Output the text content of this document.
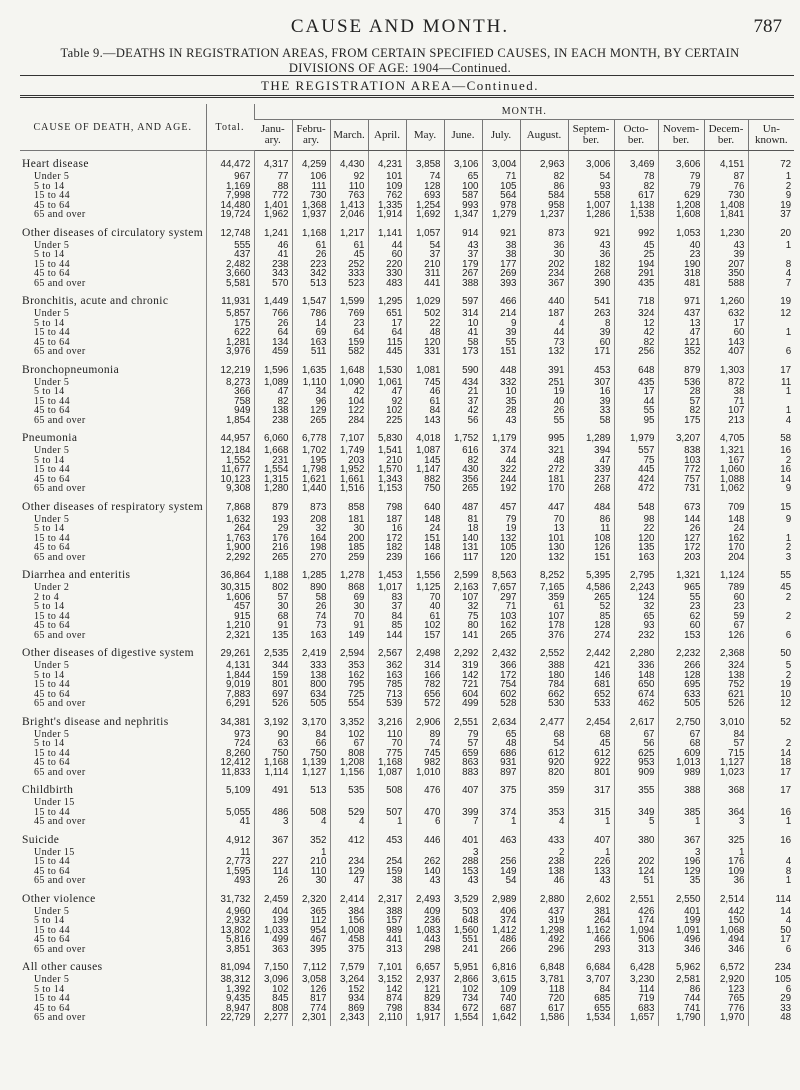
CAUSE AND MONTH.	787
Table 9.—DEATHS IN REGISTRATION AREAS, FROM CERTAIN SPECIFIED CAUSES, IN EACH MONTH, BY CERTAIN
DIVISIONS OF AGE: 1904—Continued.
THE REGISTRATION AREA—Continued.
CAUSE OF DEATH, AND AGE.	Total.	MONTH.												
		Janu-ary.	Febru-ary.	March.	April.	May.	June.	July.	August.	Septem-ber.	Octo-ber.	Novem-ber.	Decem-ber.	Un-known.
Heart disease	44,472	4,317	4,259	4,430	4,231	3,858	3,106	3,004	2,963	3,006	3,469	3,606	4,151	72
Under 5	967	77	106	92	101	74	65	71	82	54	78	79	87	1
5 to 14	1,169	88	111	110	109	128	100	105	86	93	82	79	76	2
15 to 44	7,998	772	730	763	762	693	587	564	584	558	617	629	730	9
45 to 64	14,480	1,401	1,368	1,413	1,335	1,254	993	978	958	1,007	1,138	1,208	1,408	19
65 and over	19,724	1,962	1,937	2,046	1,914	1,692	1,347	1,279	1,237	1,286	1,538	1,608	1,841	37
Other diseases of circulatory system	12,748	1,241	1,168	1,217	1,141	1,057	914	921	873	921	992	1,053	1,230	20
Under 5	555	46	61	61	44	54	43	38	36	43	45	40	43	1
5 to 14	437	41	26	45	60	37	37	38	30	36	25	23	39	
15 to 44	2,482	238	223	252	220	210	179	177	202	182	194	190	207	8
45 to 64	3,660	343	342	333	330	311	267	269	234	268	291	318	350	4
65 and over	5,581	570	513	523	483	441	388	393	367	390	435	481	588	7
Bronchitis, acute and chronic	11,931	1,449	1,547	1,599	1,295	1,029	597	466	440	541	718	971	1,260	19
Under 5	5,857	766	786	769	651	502	314	214	187	263	324	437	632	12
5 to 14	175	26	14	23	17	22	10	9	4	8	12	13	17	
15 to 44	622	64	69	64	64	48	41	39	44	39	42	47	60	1
45 to 64	1,281	134	163	159	115	120	58	55	73	60	82	121	143	
65 and over	3,976	459	511	582	445	331	173	151	132	171	256	352	407	6
Bronchopneumonia	12,219	1,596	1,635	1,648	1,530	1,081	590	448	391	453	648	879	1,303	17
Under 5	8,273	1,089	1,110	1,090	1,061	745	434	332	251	307	435	536	872	11
5 to 14	366	47	34	42	47	46	21	10	19	16	17	28	38	1
15 to 44	758	82	96	104	92	61	37	35	40	39	44	57	71	
45 to 64	949	138	129	122	102	84	42	28	26	33	55	82	107	1
65 and over	1,854	238	265	284	225	143	56	43	55	58	95	175	213	4
Pneumonia	44,957	6,060	6,778	7,107	5,830	4,018	1,752	1,179	995	1,289	1,979	3,207	4,705	58
Under 5	12,184	1,668	1,702	1,749	1,541	1,087	616	374	321	394	557	838	1,321	16
5 to 14	1,552	231	195	203	210	145	82	44	48	47	75	103	167	2
15 to 44	11,677	1,554	1,798	1,952	1,570	1,147	430	322	272	339	445	772	1,060	16
45 to 64	10,123	1,315	1,621	1,661	1,343	882	356	244	181	237	424	757	1,088	14
65 and over	9,308	1,280	1,440	1,516	1,153	750	265	192	170	268	472	731	1,062	9
Other diseases of respiratory system	7,868	879	873	858	798	640	487	457	447	484	548	673	709	15
Under 5	1,632	193	208	181	187	148	81	79	70	86	98	144	148	9
5 to 14	264	29	32	30	16	24	18	19	13	11	22	26	24	
15 to 44	1,763	176	164	200	172	151	140	132	101	108	120	127	162	1
45 to 64	1,900	216	198	185	182	148	131	105	130	126	135	172	170	2
65 and over	2,292	265	270	259	239	166	117	120	132	151	163	203	204	3
Diarrhea and enteritis	36,864	1,188	1,285	1,278	1,453	1,556	2,599	8,563	8,252	5,395	2,795	1,321	1,124	55
Under 2	30,315	802	890	868	1,017	1,125	2,163	7,657	7,165	4,586	2,243	965	789	45
2 to 4	1,606	57	58	69	83	70	107	297	359	265	124	55	60	2
5 to 14	457	30	26	30	37	40	32	71	61	52	32	23	23	
15 to 44	915	68	74	70	84	61	75	103	107	85	65	62	59	2
45 to 64	1,210	91	73	91	85	102	80	162	178	128	93	60	67	
65 and over	2,321	135	163	149	144	157	141	265	376	274	232	153	126	6
Other diseases of digestive system	29,261	2,535	2,419	2,594	2,567	2,498	2,292	2,432	2,552	2,442	2,280	2,232	2,368	50
Under 5	4,131	344	333	353	362	314	319	366	388	421	336	266	324	5
5 to 14	1,844	159	138	162	163	166	142	172	180	146	148	128	138	2
15 to 44	9,019	801	800	795	785	782	721	754	784	681	650	695	752	19
45 to 64	7,883	697	634	725	713	656	604	602	662	652	674	633	621	10
65 and over	6,291	526	505	554	539	572	499	528	530	533	462	505	526	12
Bright's disease and nephritis	34,381	3,192	3,170	3,352	3,216	2,906	2,551	2,634	2,477	2,454	2,617	2,750	3,010	52
Under 5	973	90	84	102	110	89	79	65	68	68	67	67	84	
5 to 14	724	63	66	67	70	74	57	48	54	45	56	68	57	2
15 to 44	8,260	750	750	808	775	745	659	686	612	612	625	609	715	14
45 to 64	12,412	1,168	1,139	1,208	1,168	982	863	931	920	922	953	1,013	1,127	18
65 and over	11,833	1,114	1,127	1,156	1,087	1,010	883	897	820	801	909	989	1,023	17
Childbirth	5,109	491	513	535	508	476	407	375	359	317	355	388	368	17
Under 15														
15 to 44	5,055	486	508	529	507	470	399	374	353	315	349	385	364	16
45 and over	41	3	4	4	1	6	7	1	4	1	5	1	3	1
Suicide	4,912	367	352	412	453	446	401	463	433	407	380	367	325	16
Under 15	11		1				3		2	1		3	1	
15 to 44	2,773	227	210	234	254	262	288	256	238	226	202	196	176	4
45 to 64	1,595	114	110	129	159	140	153	149	138	133	124	129	109	8
65 and over	493	26	30	47	38	43	43	54	46	43	51	35	36	1
Other violence	31,732	2,459	2,320	2,414	2,317	2,493	3,529	2,989	2,880	2,602	2,551	2,550	2,514	114
Under 5	4,960	404	365	384	388	409	503	406	437	381	426	401	442	14
5 to 14	2,932	139	112	156	157	236	648	374	319	264	174	199	150	4
15 to 44	13,802	1,033	954	1,008	989	1,083	1,560	1,412	1,298	1,162	1,094	1,091	1,068	50
45 to 64	5,816	499	467	458	441	443	551	486	492	466	506	496	494	17
65 and over	3,851	363	395	375	313	298	241	266	296	293	313	346	346	6
All other causes	81,094	7,150	7,112	7,579	7,101	6,657	5,951	6,816	6,848	6,684	6,428	5,962	6,572	234
Under 5	38,312	3,096	3,058	3,264	3,152	2,937	2,866	3,615	3,781	3,707	3,230	2,581	2,920	105
5 to 14	1,392	102	126	152	142	121	102	109	118	84	114	86	123	6
15 to 44	9,435	845	817	934	874	829	734	740	720	685	719	744	765	29
45 to 64	8,947	808	774	869	798	834	672	687	617	655	683	741	776	33
65 and over	22,729	2,277	2,301	2,343	2,110	1,917	1,554	1,642	1,586	1,534	1,657	1,790	1,970	48
